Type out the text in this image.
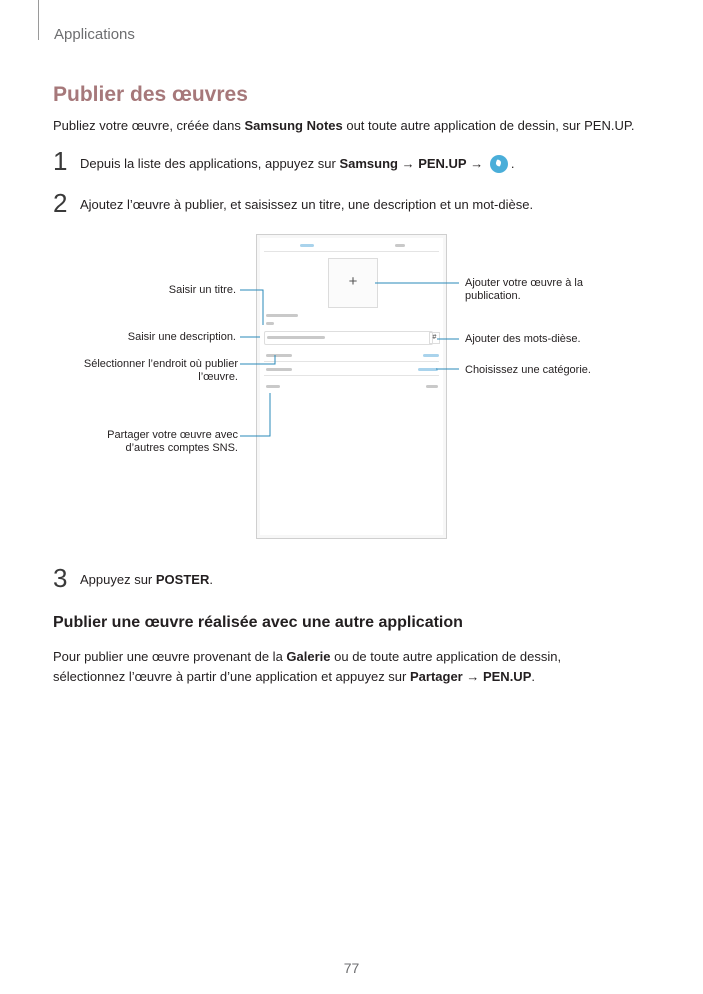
Applications
Publier des œuvres
Publiez votre œuvre, créée dans Samsung Notes out toute autre application de dessin, sur PEN.UP.
1 Depuis la liste des applications, appuyez sur Samsung → PEN.UP → .
2 Ajoutez l’œuvre à publier, et saisissez un titre, une description et un mot-dièse.
+
#
Saisir un titre.
Saisir une description.
Sélectionner l’endroit où publier l’œuvre.
Partager votre œuvre avec d’autres comptes SNS.
Ajouter votre œuvre à la publication.
Ajouter des mots-dièse.
Choisissez une catégorie.
3 Appuyez sur POSTER.
Publier une œuvre réalisée avec une autre application
Pour publier une œuvre provenant de la Galerie ou de toute autre application de dessin,
sélectionnez l’œuvre à partir d’une application et appuyez sur Partager → PEN.UP.
77
